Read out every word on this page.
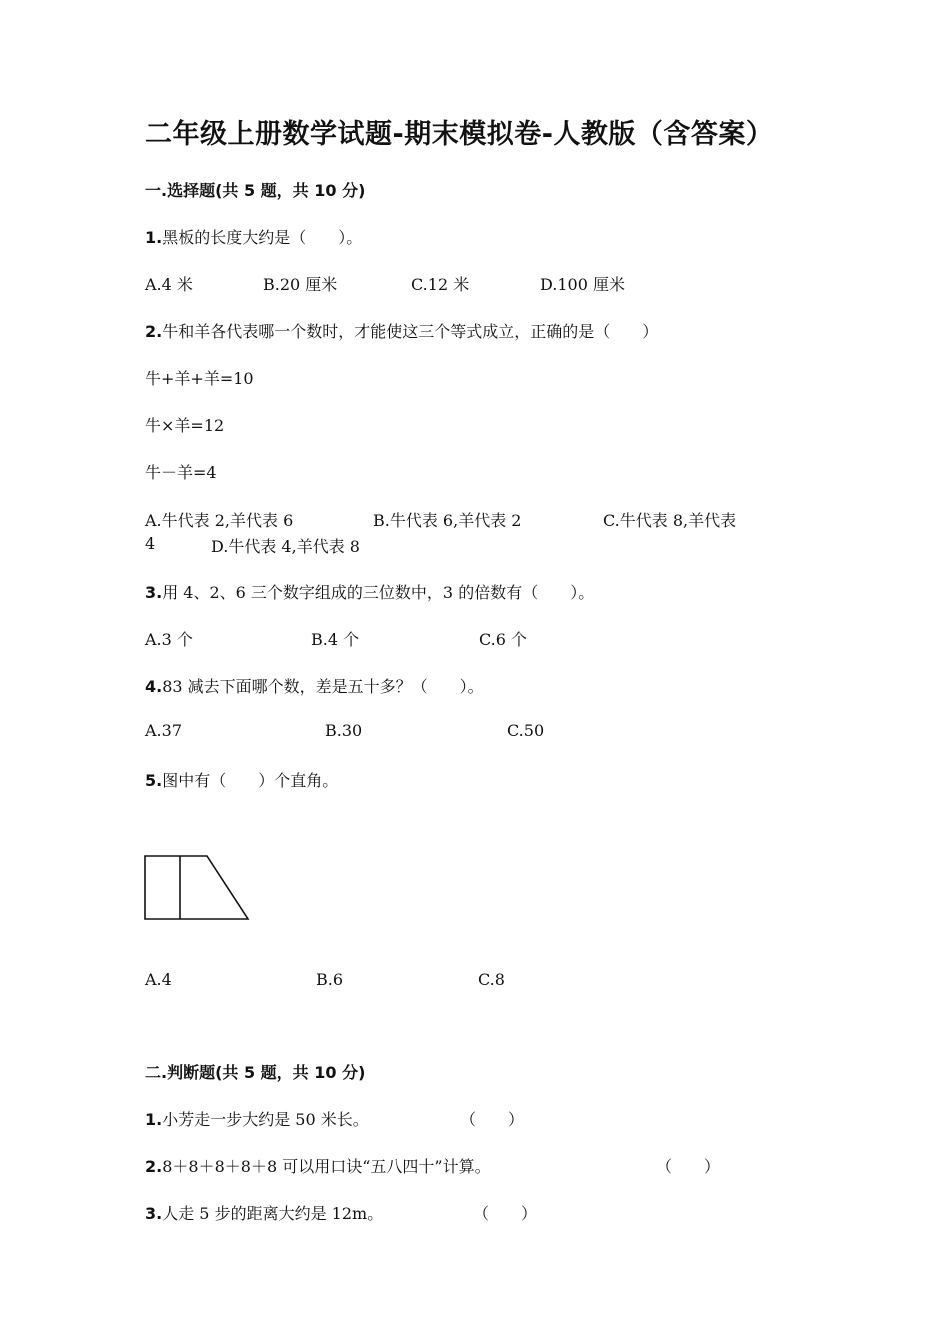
二年级上册数学试题-期末模拟卷-人教版（含答案）
一.选择题(共 5 题，共 10 分)
1.黑板的长度大约是（　　）。
A.4 米	B.20 厘米	C.12 米	D.100 厘米
2.牛和羊各代表哪一个数时，才能使这三个等式成立，正确的是（　　）
牛+羊+羊=10
牛×羊=12
牛－羊=4
A.牛代表 2,羊代表 6	B.牛代表 6,羊代表 2	C.牛代表 8,羊代表
4	D.牛代表 4,羊代表 8
3.用 4、2、6 三个数字组成的三位数中，3 的倍数有（　　）。
A.3 个	B.4 个	C.6 个
4.83 减去下面哪个数，差是五十多？（　　）。
A.37	B.30	C.50
5.图中有（　　）个直角。
A.4	B.6	C.8
二.判断题(共 5 题，共 10 分)
1.小芳走一步大约是 50 米长。	（　　）
2.8＋8＋8＋8＋8 可以用口诀“五八四十”计算。	（　　）
3.人走 5 步的距离大约是 12m。	（　　）
